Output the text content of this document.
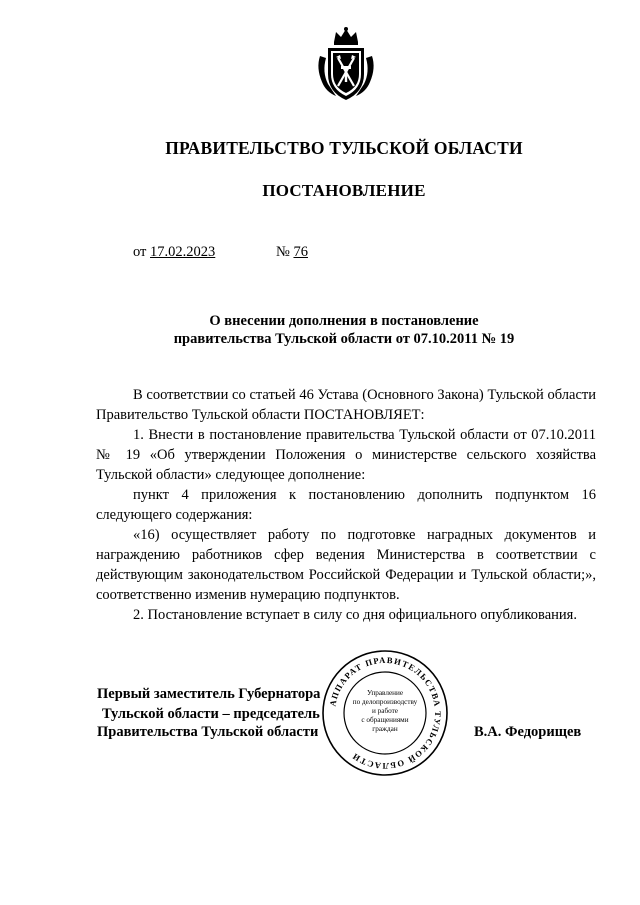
ПРАВИТЕЛЬСТВО ТУЛЬСКОЙ ОБЛАСТИ
ПОСТАНОВЛЕНИЕ
от 17.02.2023	№ 76
О внесении дополнения в постановление
правительства Тульской области от 07.10.2011 № 19

В соответствии со статьей 46 Устава (Основного Закона) Тульской области Правительство Тульской области ПОСТАНОВЛЯЕТ:

1. Внести в постановление правительства Тульской области от 07.10.2011 № 19 «Об утверждении Положения о министерстве сельского хозяйства Тульской области» следующее дополнение:

пункт 4 приложения к постановлению дополнить подпунктом 16 следующего содержания:

«16) осуществляет работу по подготовке наградных документов и награждению работников сфер ведения Министерства в соответствии с действующим законодательством Российской Федерации и Тульской области;», соответственно изменив нумерацию подпунктов.

2. Постановление вступает в силу со дня официального опубликования.

Первый заместитель Губернатора
Тульской области – председатель
Правительства Тульской области	В.А. Федорищев
АППАРАТ ПРАВИТЕЛЬСТВА ТУЛЬСКОЙ ОБЛАСТИ
Управление
по делопроизводству
и работе
с обращениями
граждан
